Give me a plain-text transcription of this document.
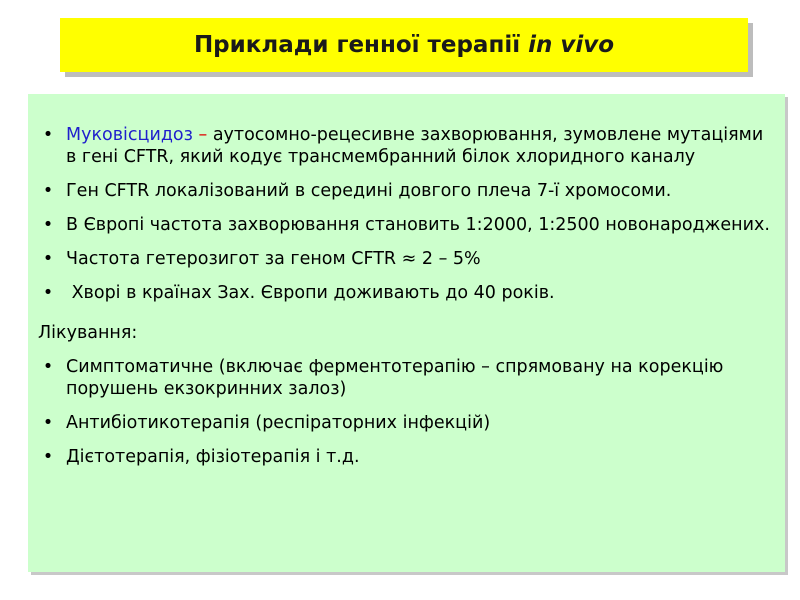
Приклади генної терапії in vivo
• Муковісцидоз – аутосомно-рецесивне захворювання, зумовлене мутаціями в гені CFTR, який кодує трансмембранний білок хлоридного каналу
• Ген CFTR локалізований в середині довгого плеча 7-ї хромосоми.
• В Європі частота захворювання становить 1:2000, 1:2500 новонароджених.
• Частота гетерозигот за геном CFTR ≈ 2 – 5%
• Хворі в країнах Зах. Європи доживають до 40 років.
Лікування:
• Симптоматичне (включає ферментотерапію – спрямовану на корекцію порушень екзокринних залоз)
• Антибіотикотерапія (респіраторних інфекцій)
• Дієтотерапія, фізіотерапія і т.д.
